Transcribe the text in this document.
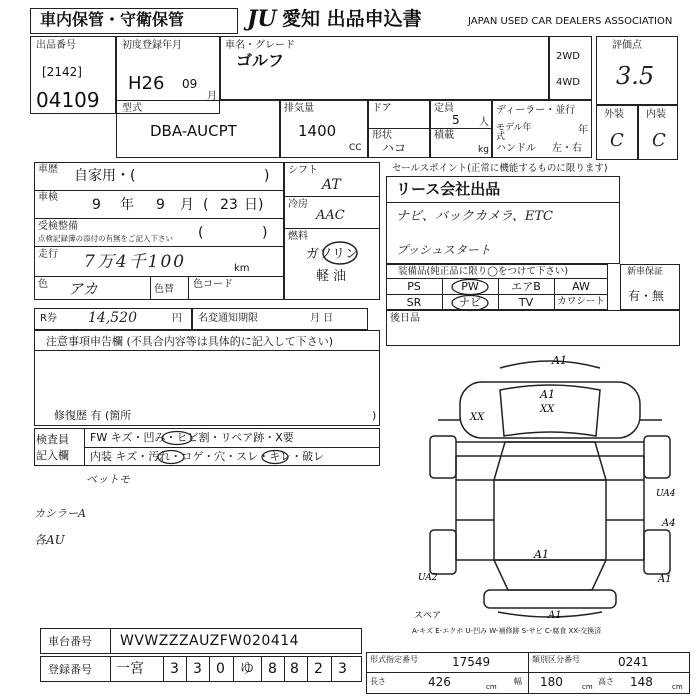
車内保管・守衛保管	JU 愛知 出品申込書	JAPAN USED CAR DEALERS ASSOCIATION
出品番号
[2142]
04109
初度登録年月
H26 09
月
車名・グレード
ゴルフ	2WD
4WD
評価点
3.5
外装 内装
C C
型式
DBA-AUCPT
排気量
1400
CC
ドア
形状
ハコ
定員
5 人
積載
kg
ディーラー・並行
モデル年式
年
ハンドル 左・右
車歴 自家用・(	)
車検 9 年 9 月 ( 23 日)
受検整備
点検記録簿の添付の有無をご記入下さい (	)
走行 7万4千100	km
色 アカ	色替 色コード
シフト
AT
冷房
AAC
燃料
ガソリン
軽 油
セールスポイント(正常に機能するものに限ります)
リース会社出品
ナビ、バックカメラ、ETC
プッシュスタート
装備品(純正品に限り◯をつけて下さい)
PS	PW	エアB	AW
SR	ナビ	TV	カワシート
新車保証
有・無
R券 14,520	円 名変通知期限	月 日	後日品
注意事項申告欄 (不具合内容等は具体的に記入して下さい)
修復歴 有 (箇所	)
検査員
記入欄
FW キズ・凹み・ヒビ割・リペア跡・X要
内装 キズ・汚れ・コゲ・穴・スレ・キレ・破レ
ベットモ
カシラーA
各AU
A1
A1
XX
XX
UA4
A4
A1
A1
UA2
A1
スペア
A-キズ E-エクボ U-凹み W-補修跡 S-サビ C-腐食 XX-交換済
車台番号 WVWZZZAUZFW020414
登録番号 一宮 3 3 0 ゆ 8 8 2 3
形式指定番号	17549	類別区分番号	0241
長さ	426	cm
幅 180	cm
高さ 148	cm
